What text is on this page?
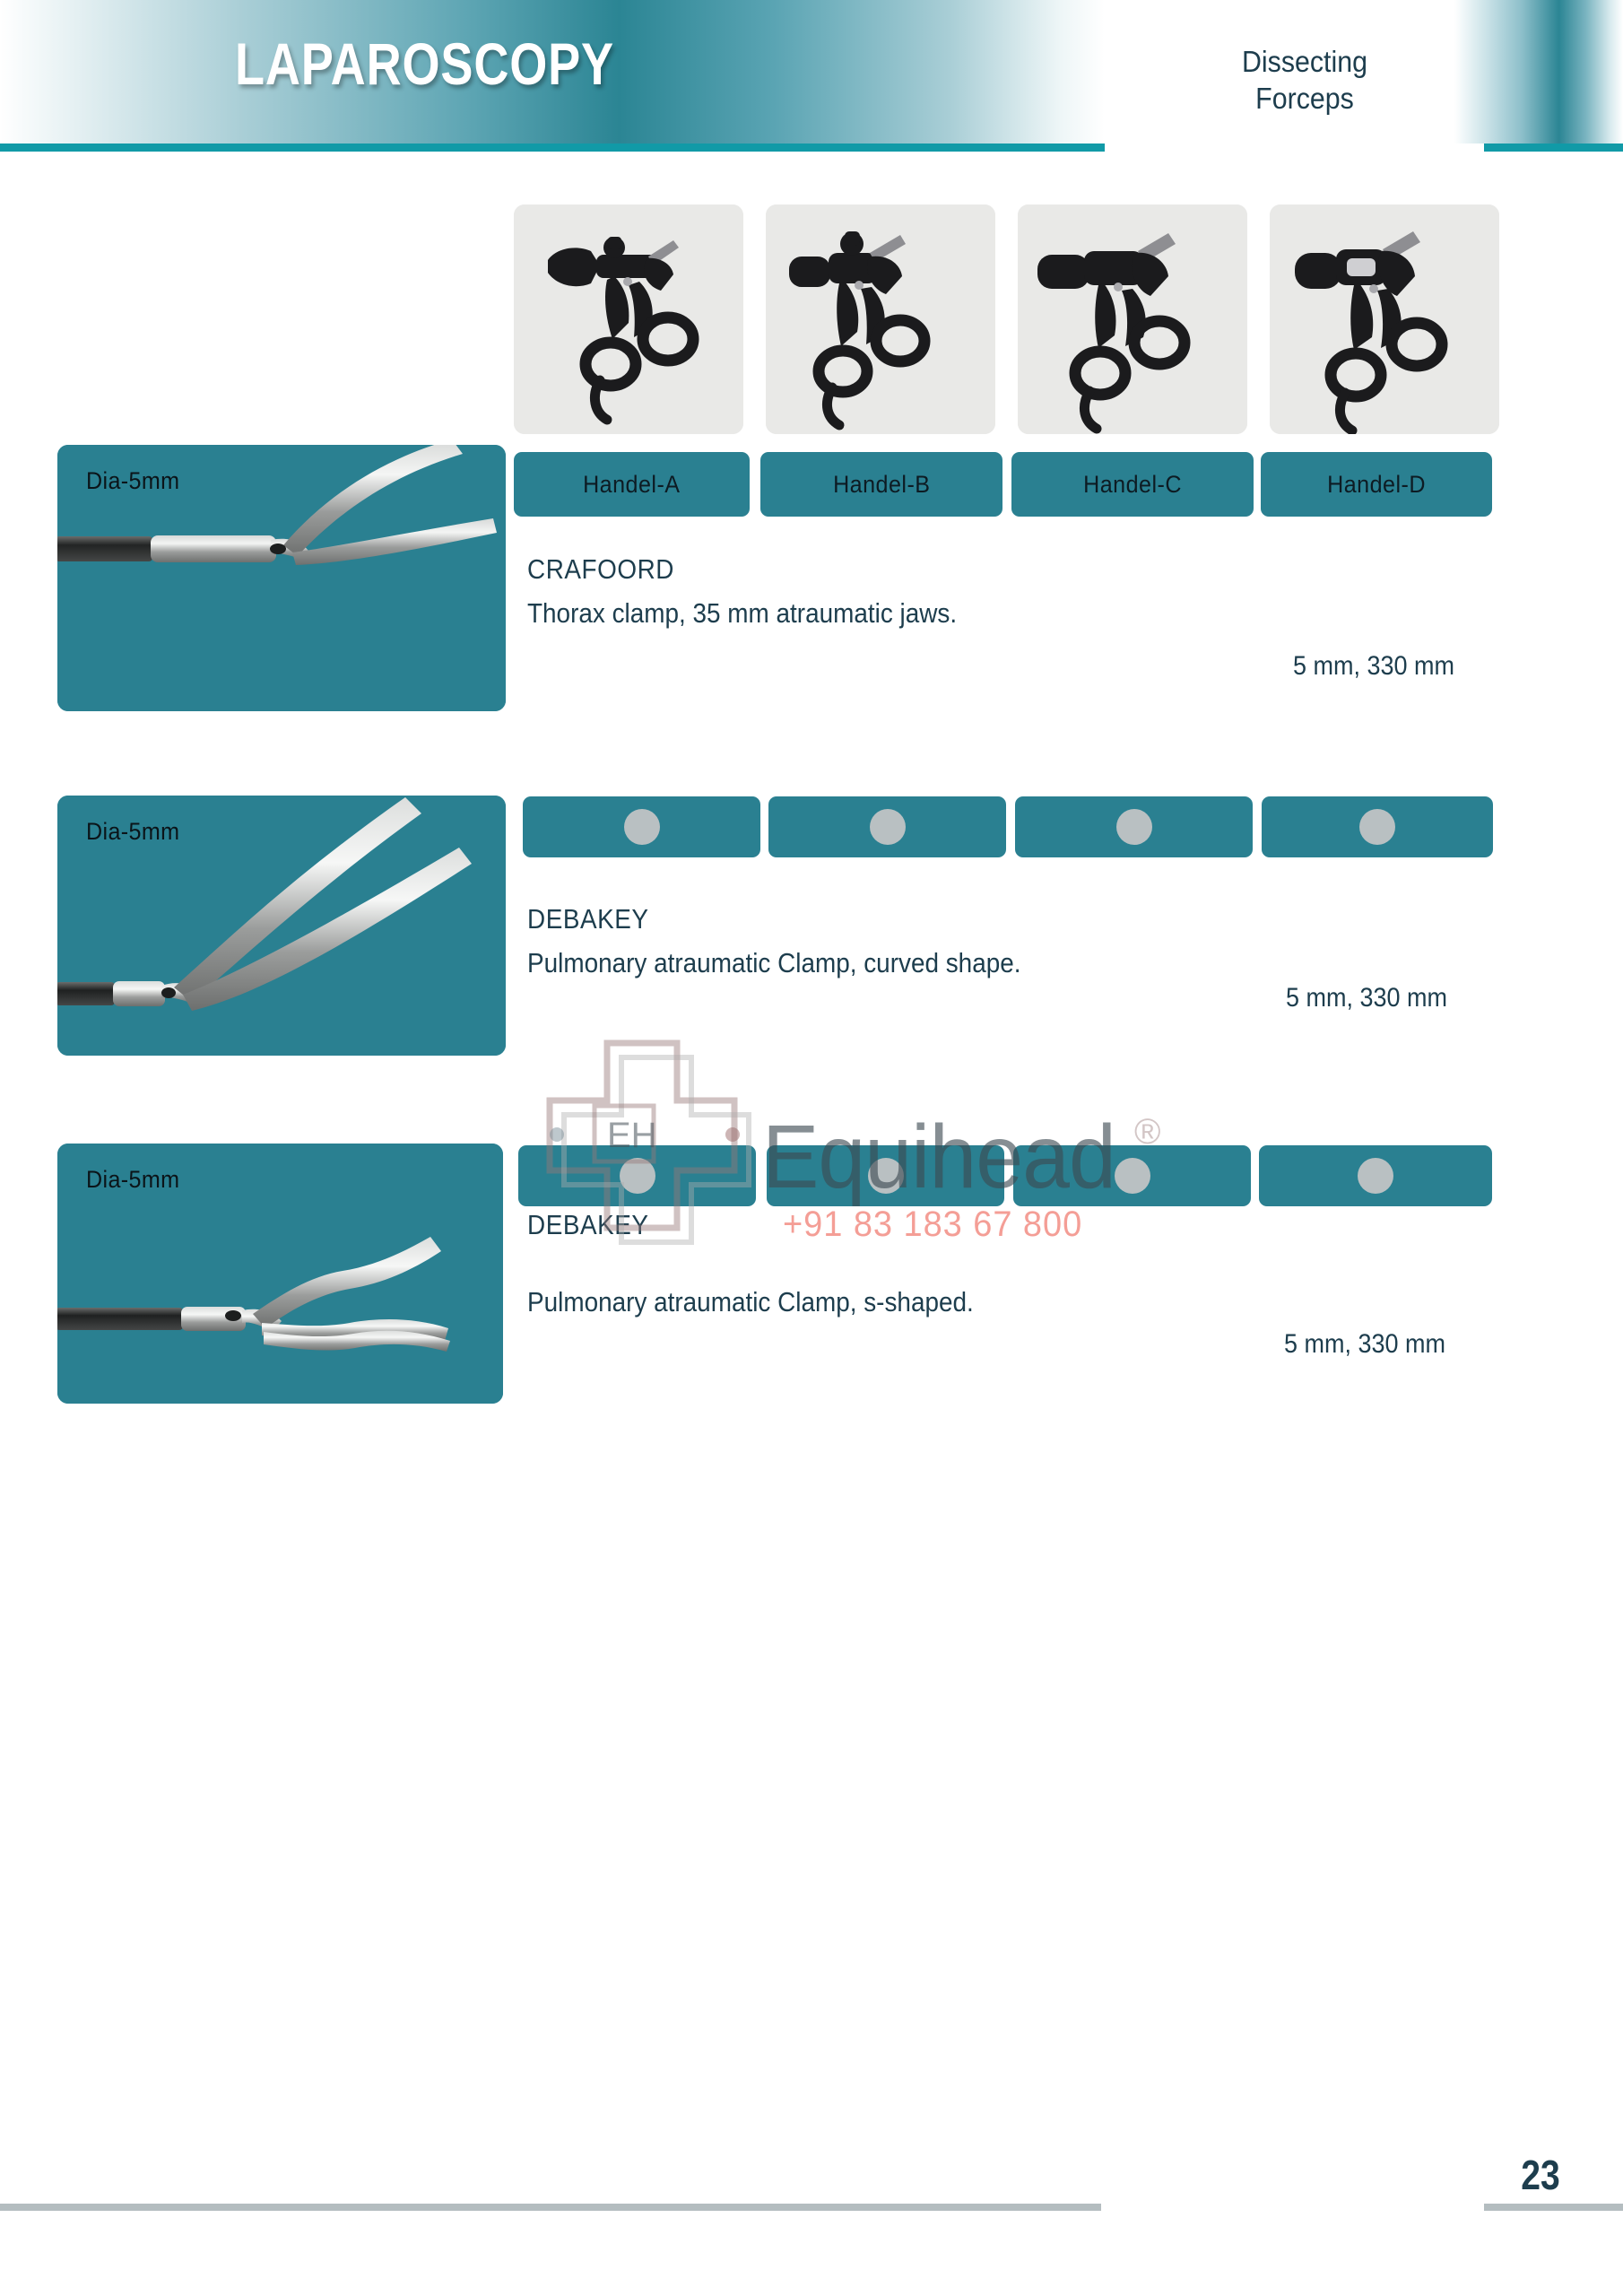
LAPAROSCOPY	Dissecting
Forceps
Dia-5mm	Handel-A	Handel-B	Handel-C	Handel-D
CRAFOORD
Thorax clamp, 35 mm atraumatic jaws.
5 mm, 330 mm
Dia-5mm
DEBAKEY
Pulmonary atraumatic Clamp, curved shape.
5 mm, 330 mm
Dia-5mm
DEBAKEY
Pulmonary atraumatic Clamp, s-shaped.
5 mm, 330 mm
EH Equihead ®
+91 83 183 67 800
23
